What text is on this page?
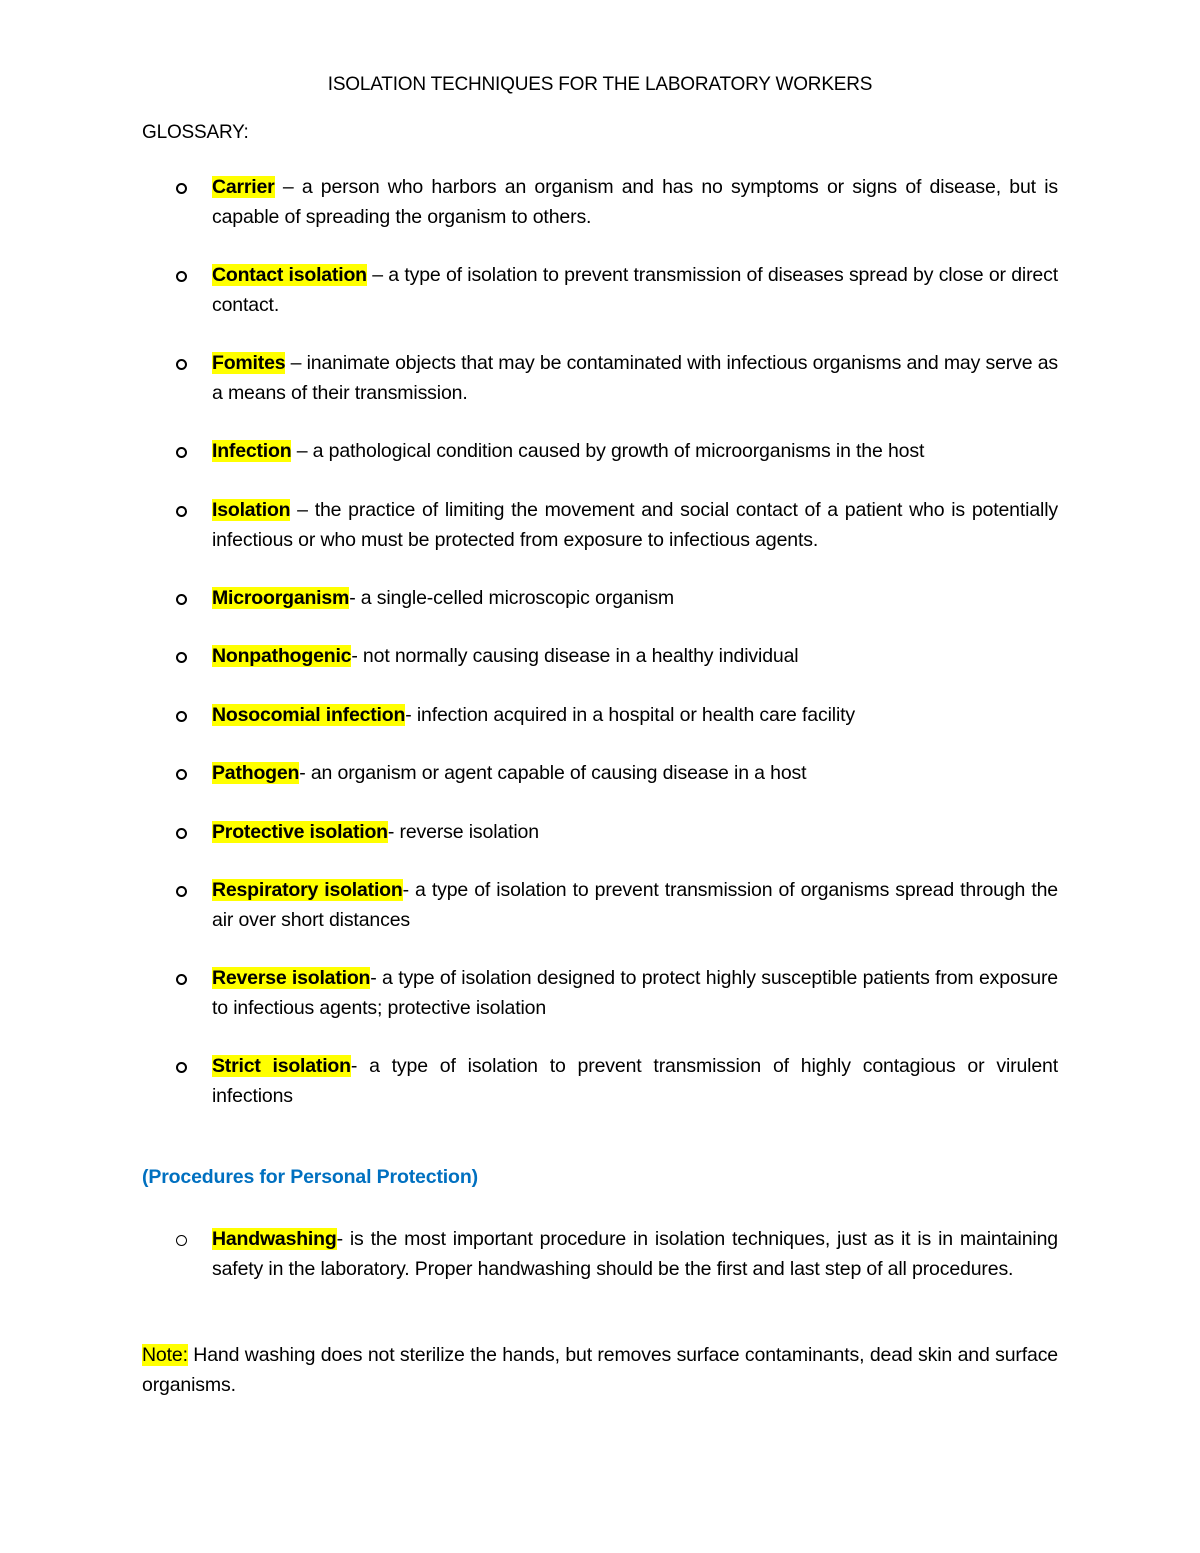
ISOLATION TECHNIQUES FOR THE LABORATORY WORKERS
GLOSSARY:
Carrier – a person who harbors an organism and has no symptoms or signs of disease, but is capable of spreading the organism to others.
Contact isolation – a type of isolation to prevent transmission of diseases spread by close or direct contact.
Fomites – inanimate objects that may be contaminated with infectious organisms and may serve as a means of their transmission.
Infection – a pathological condition caused by growth of microorganisms in the host
Isolation – the practice of limiting the movement and social contact of a patient who is potentially infectious or who must be protected from exposure to infectious agents.
Microorganism- a single-celled microscopic organism
Nonpathogenic- not normally causing disease in a healthy individual
Nosocomial infection- infection acquired in a hospital or health care facility
Pathogen- an organism or agent capable of causing disease in a host
Protective isolation- reverse isolation
Respiratory isolation- a type of isolation to prevent transmission of organisms spread through the air over short distances
Reverse isolation- a type of isolation designed to protect highly susceptible patients from exposure to infectious agents; protective isolation
Strict isolation- a type of isolation to prevent transmission of highly contagious or virulent infections
(Procedures for Personal Protection)
Handwashing- is the most important procedure in isolation techniques, just as it is in maintaining safety in the laboratory. Proper handwashing should be the first and last step of all procedures.
Note: Hand washing does not sterilize the hands, but removes surface contaminants, dead skin and surface organisms.
